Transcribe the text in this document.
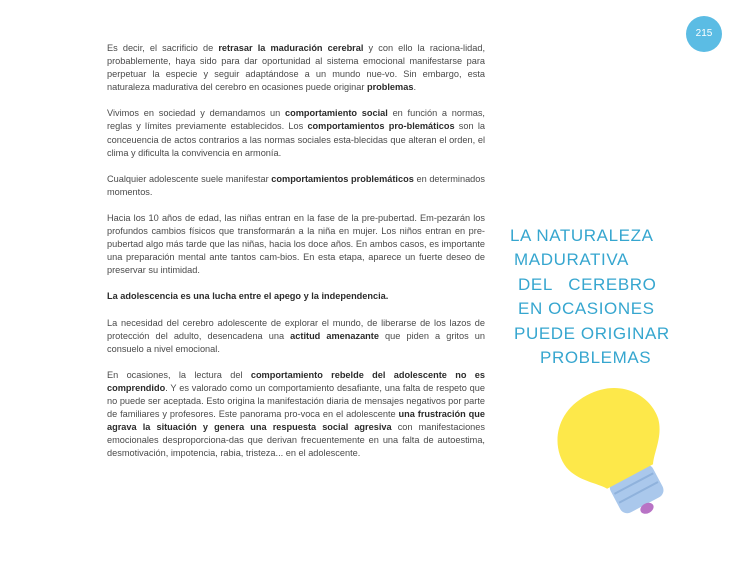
215

Es decir, el sacrificio de retrasar la maduración cerebral y con ello la raciona-lidad, probablemente, haya sido para dar oportunidad al sistema emocional manifestarse para perpetuar la especie y seguir adaptándose a un mundo nue-vo. Sin embargo, esta naturaleza madurativa del cerebro en ocasiones puede originar problemas.

Vivimos en sociedad y demandamos un comportamiento social en función a normas, reglas y límites previamente establecidos. Los comportamientos pro-blemáticos son la conceuencia de actos contrarios a las normas sociales esta-blecidas que alteran el orden, el clima y dificulta la convivencia en armonía.

Cualquier adolescente suele manifestar comportamientos problemáticos en determinados momentos.

Hacia los 10 años de edad, las niñas entran en la fase de la pre-pubertad. Em-pezarán los profundos cambios físicos que transformarán a la niña en mujer. Los niños entran en pre-pubertad algo más tarde que las niñas, hacia los doce años. En ambos casos, es importante una preparación mental ante tantos cam-bios. En esta etapa, aparece un fuerte deseo de preservar su intimidad.

La adolescencia es una lucha entre el apego y la independencia.

La necesidad del cerebro adolescente de explorar el mundo, de liberarse de los lazos de protección del adulto, desencadena una actitud amenazante que piden a gritos un consuelo a nivel emocional.

En ocasiones, la lectura del comportamiento rebelde del adolescente no es comprendido. Y es valorado como un comportamiento desafiante, una falta de respeto que no puede ser aceptada. Esto origina la manifestación diaria de mensajes negativos por parte de familiares y profesores. Este panorama pro-voca en el adolescente una frustración que agrava la situación y genera una respuesta social agresiva con manifestaciones emocionales desproporciona-das que derivan frecuentemente en una falta de autoestima, desmotivación, impotencia, rabia, tristeza... en el adolescente.

LA NATURALEZA
MADURATIVA
DEL   CEREBRO
EN OCASIONES
PUEDE ORIGINAR
PROBLEMAS
